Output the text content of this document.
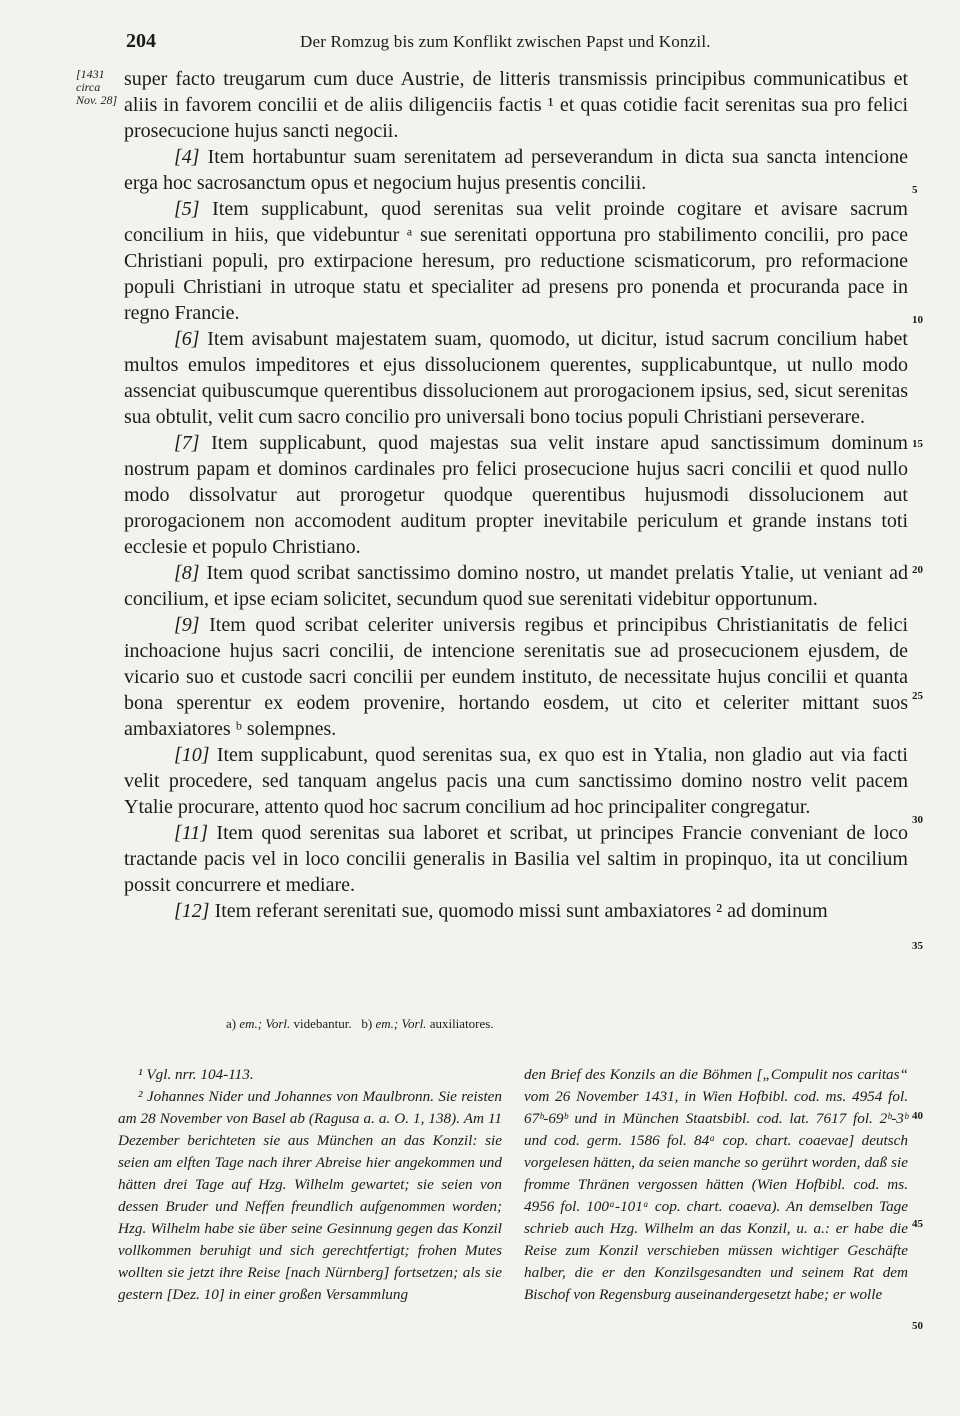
204	Der Romzug bis zum Konflikt zwischen Papst und Konzil.
[1431
circa
Nov. 28]

super facto treugarum cum duce Austrie, de litteris transmissis principibus communicatibus et aliis in favorem concilii et de aliis diligenciis factis ¹ et quas cotidie facit serenitas sua pro felici prosecucione hujus sancti negocii.

[4] Item hortabuntur suam serenitatem ad perseverandum in dicta sua sancta intencione erga hoc sacrosanctum opus et negocium hujus presentis concilii.

[5] Item supplicabunt, quod serenitas sua velit proinde cogitare et avisare sacrum concilium in hiis, que videbuntur ᵃ sue serenitati opportuna pro stabilimento concilii, pro pace Christiani populi, pro extirpacione heresum, pro reductione scismaticorum, pro reformacione populi Christiani in utroque statu et specialiter ad presens pro ponenda et procuranda pace in regno Francie.

[6] Item avisabunt majestatem suam, quomodo, ut dicitur, istud sacrum concilium habet multos emulos impeditores et ejus dissolucionem querentes, supplicabuntque, ut nullo modo assenciat quibuscumque querentibus dissolucionem aut prorogacionem ipsius, sed, sicut serenitas sua obtulit, velit cum sacro concilio pro universali bono tocius populi Christiani perseverare.

[7] Item supplicabunt, quod majestas sua velit instare apud sanctissimum dominum nostrum papam et dominos cardinales pro felici prosecucione hujus sacri concilii et quod nullo modo dissolvatur aut prorogetur quodque querentibus hujusmodi dissolucionem aut prorogacionem non accomodent auditum propter inevitabile periculum et grande instans toti ecclesie et populo Christiano.

[8] Item quod scribat sanctissimo domino nostro, ut mandet prelatis Ytalie, ut veniant ad concilium, et ipse eciam solicitet, secundum quod sue serenitati videbitur opportunum.

[9] Item quod scribat celeriter universis regibus et principibus Christianitatis de felici inchoacione hujus sacri concilii, de intencione serenitatis sue ad prosecucionem ejusdem, de vicario suo et custode sacri concilii per eundem instituto, de necessitate hujus concilii et quanta bona sperentur ex eodem provenire, hortando eosdem, ut cito et celeriter mittant suos ambaxiatores ᵇ solempnes.

[10] Item supplicabunt, quod serenitas sua, ex quo est in Ytalia, non gladio aut via facti velit procedere, sed tanquam angelus pacis una cum sanctissimo domino nostro velit pacem Ytalie procurare, attento quod hoc sacrum concilium ad hoc principaliter congregatur.

[11] Item quod serenitas sua laboret et scribat, ut principes Francie conveniant de loco tractande pacis vel in loco concilii generalis in Basilia vel saltim in propinquo, ita ut concilium possit concurrere et mediare.

[12] Item referant serenitati sue, quomodo missi sunt ambaxiatores ² ad dominum

5
10
15
20
25
30
35
40
45
50
a) em.; Vorl. videbantur. b) em.; Vorl. auxiliatores.

¹ Vgl. nrr. 104-113.

² Johannes Nider und Johannes von Maulbronn. Sie reisten am 28 November von Basel ab (Ragusa a. a. O. 1, 138). Am 11 Dezember berichteten sie aus München an das Konzil: sie seien am elften Tage nach ihrer Abreise hier angekommen und hätten drei Tage auf Hzg. Wilhelm gewartet; sie seien von dessen Bruder und Neffen freundlich aufgenommen worden; Hzg. Wilhelm habe sie über seine Gesinnung gegen das Konzil vollkommen beruhigt und sich gerechtfertigt; frohen Mutes wollten sie jetzt ihre Reise [nach Nürnberg] fortsetzen; als sie gestern [Dez. 10] in einer großen Versammlung

den Brief des Konzils an die Böhmen [„Compulit nos caritas“ vom 26 November 1431, in Wien Hofbibl. cod. ms. 4954 fol. 67ᵇ-69ᵇ und in München Staatsbibl. cod. lat. 7617 fol. 2ᵇ-3ᵇ und cod. germ. 1586 fol. 84ᵃ cop. chart. coaevae] deutsch vorgelesen hätten, da seien manche so gerührt worden, daß sie fromme Thränen vergossen hätten (Wien Hofbibl. cod. ms. 4956 fol. 100ᵃ-101ᵃ cop. chart. coaeva). An demselben Tage schrieb auch Hzg. Wilhelm an das Konzil, u. a.: er habe die Reise zum Konzil verschieben müssen wichtiger Geschäfte halber, die er den Konzilsgesandten und seinem Rat dem Bischof von Regensburg auseinandergesetzt habe; er wolle
